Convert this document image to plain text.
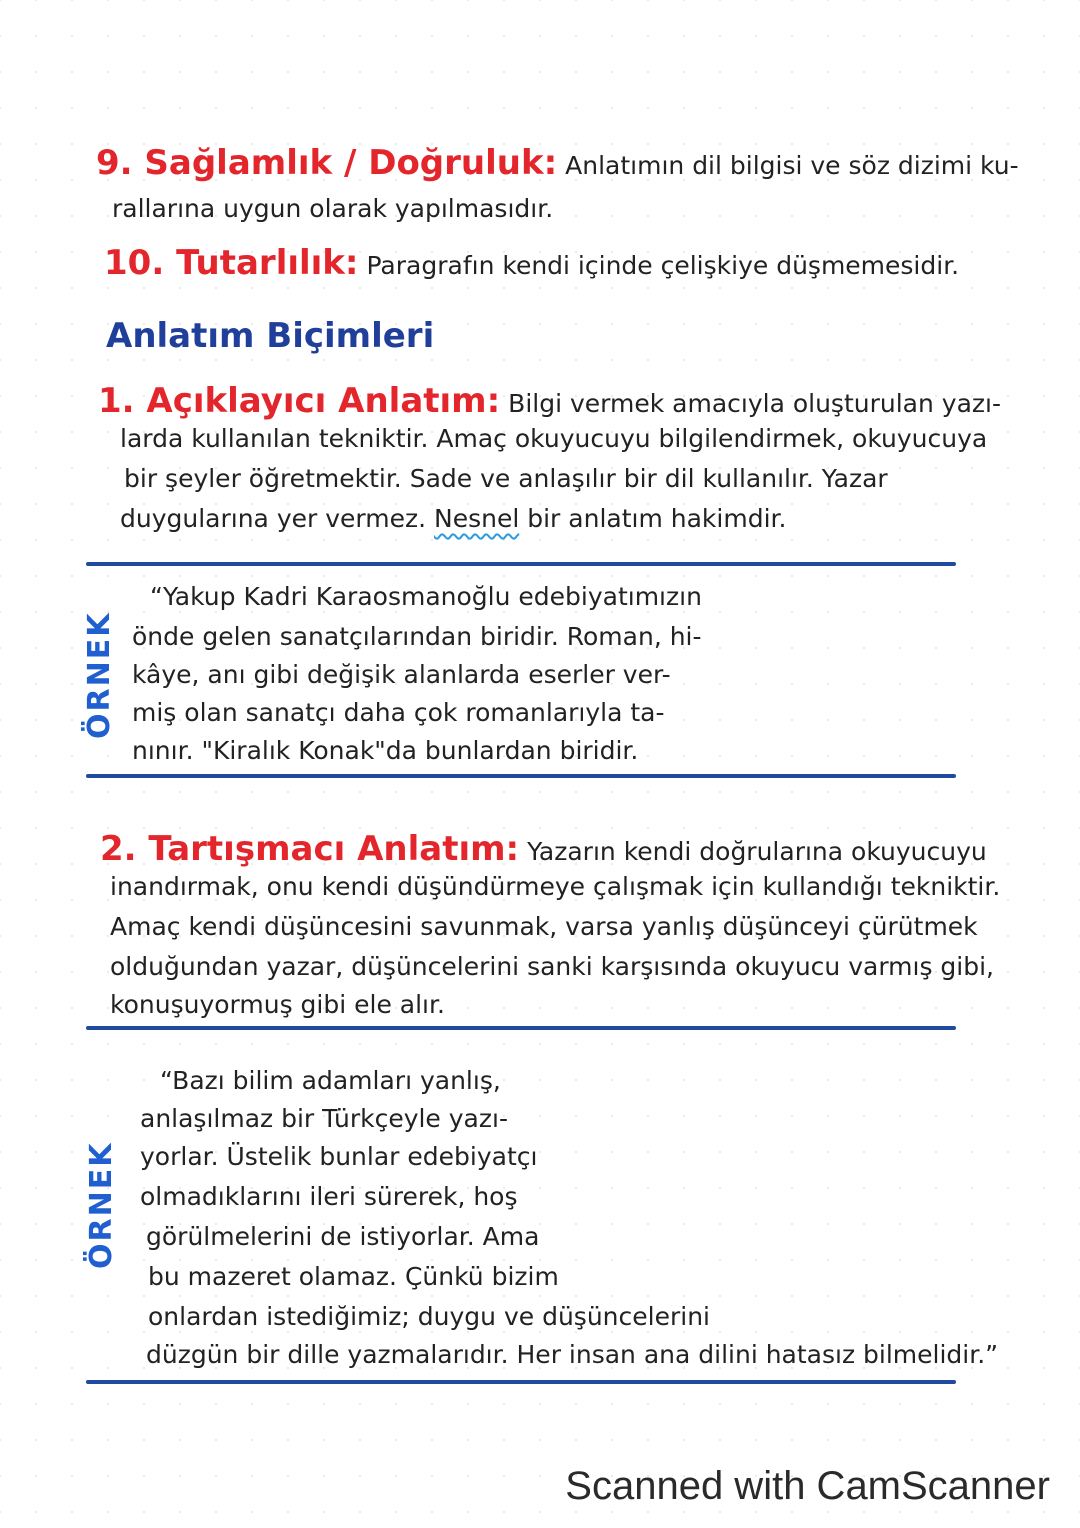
9. Sağlamlık / Doğruluk: Anlatımın dil bilgisi ve söz dizimi ku-
rallarına uygun olarak yapılmasıdır.
10. Tutarlılık: Paragrafın kendi içinde çelişkiye düşmemesidir.
Anlatım Biçimleri
1. Açıklayıcı Anlatım: Bilgi vermek amacıyla oluşturulan yazı-
larda kullanılan tekniktir. Amaç okuyucuyu bilgilendirmek, okuyucuya
bir şeyler öğretmektir. Sade ve anlaşılır bir dil kullanılır. Yazar
duygularına yer vermez. Nesnel bir anlatım hakimdir.
ÖRNEK
“Yakup Kadri Karaosmanoğlu edebiyatımızın
önde gelen sanatçılarından biridir. Roman, hi-
kâye, anı gibi değişik alanlarda eserler ver-
miş olan sanatçı daha çok romanlarıyla ta-
nınır. "Kiralık Konak"da bunlardan biridir.
2. Tartışmacı Anlatım: Yazarın kendi doğrularına okuyucuyu
inandırmak, onu kendi düşündürmeye çalışmak için kullandığı tekniktir.
Amaç kendi düşüncesini savunmak, varsa yanlış düşünceyi çürütmek
olduğundan yazar, düşüncelerini sanki karşısında okuyucu varmış gibi,
konuşuyormuş gibi ele alır.
ÖRNEK
“Bazı bilim adamları yanlış,
anlaşılmaz bir Türkçeyle yazı-
yorlar. Üstelik bunlar edebiyatçı
olmadıklarını ileri sürerek, hoş
görülmelerini de istiyorlar. Ama
bu mazeret olamaz. Çünkü bizim
onlardan istediğimiz; duygu ve düşüncelerini
düzgün bir dille yazmalarıdır. Her insan ana dilini hatasız bilmelidir.”
Scanned with CamScanner
